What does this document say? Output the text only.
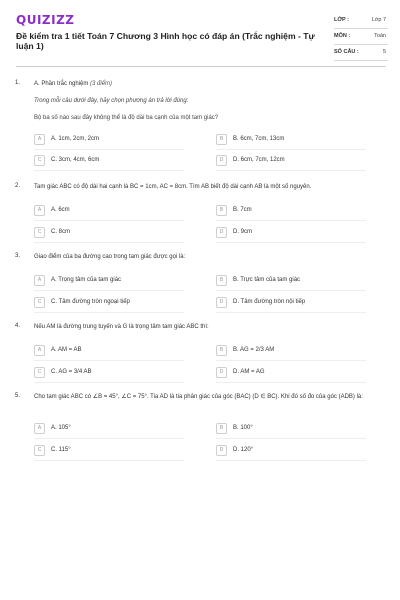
QUIZIZZ
Đề kiểm tra 1 tiết Toán 7 Chương 3 Hình học có đáp án (Trắc nghiệm - Tự luận 1)
LỚP :	Lớp 7
MÔN :	Toán
SỐ CÂU :	5
1. A. Phần trắc nghiệm (3 điểm)
Trong mỗi câu dưới đây, hãy chọn phương án trả lời đúng:
Bộ ba số nào sau đây không thể là độ dài ba cạnh của một tam giác?
A	A. 1cm, 2cm, 2cm	B	B. 6cm, 7cm, 13cm
C	C. 3cm, 4cm, 6cm	D	D. 6cm, 7cm, 12cm
2. Tam giác ABC có độ dài hai cạnh là BC = 1cm, AC = 8cm. Tìm AB biết độ dài cạnh AB là một số nguyên.
A	A. 6cm	B	B. 7cm
C	C. 8cm	D	D. 9cm
3. Giao điểm của ba đường cao trong tam giác được gọi là:
A	A. Trọng tâm của tam giác	B	B. Trực tâm của tam giác
C	C. Tâm đường tròn ngoại tiếp	D	D. Tâm đường tròn nội tiếp
4. Nếu AM là đường trung tuyến và G là trọng tâm tam giác ABC thì:
A	A. AM = AB	B	B. AG = 2/3 AM
C	C. AG = 3/4 AB	D	D. AM = AG
5. Cho tam giác ABC có ∠B = 45°, ∠C = 75°. Tia AD là tia phân giác của góc (BAC) (D ∈ BC). Khi đó số đo của góc (ADB) là:
A	A. 105°	B	B. 100°
C	C. 115°	D	D. 120°
